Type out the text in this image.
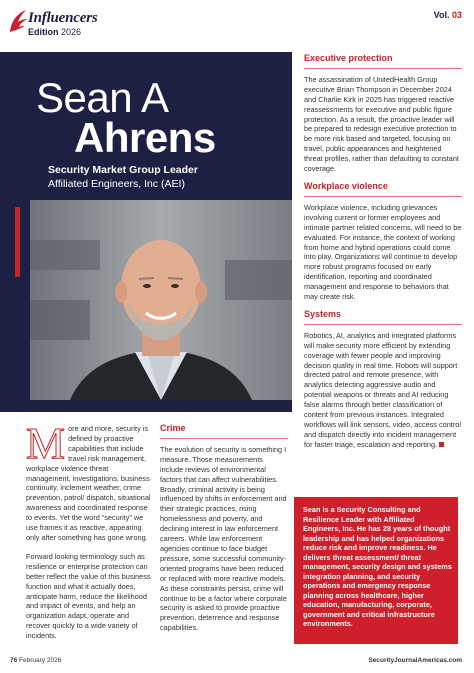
Influencers
Edition 2026
Vol. 03
Sean A
Ahrens
Security Market Group Leader
Affiliated Engineers, Inc (AEI)

More and more, security is defined by proactive capabilities that include travel risk management, workplace violence threat management, investigations, business continuity, inclement weather, crime prevention, patrol/ dispatch, situational awareness and coordinated response to events. Yet the word “security” we use frames it as reactive, appearing only after something has gone wrong.

Forward looking terminology such as resilience or enterprise protection can better reflect the value of this business function and what it actually does, anticipate harm, reduce the likelihood and impact of events, and help an organization adapt, operate and recover quickly to a wide variety of incidents.

Crime

The evolution of security is something I measure. Those measurements include reviews of environmental factors that can affect vulnerabilities. Broadly, criminal activity is being influenced by shifts in enforcement and their strategic practices, rising homelessness and poverty, and declining interest in law enforcement careers. While law enforcement agencies continue to face budget pressure, some successful community-oriented programs have been reduced or replaced with more reactive models. As these constraints persist, crime will continue to be a factor where corporate security is asked to provide proactive prevention, deterrence and response capabilities.

Executive protection

The assassination of UnitedHealth Group executive Brian Thompson in December 2024 and Charlie Kirk in 2025 has triggered reactive reassessments for executive and public figure protection. As a result, the proactive leader will be prepared to redesign executive protection to be more risk based and targeted, focusing on travel, public appearances and heightened threat profiles, rather than defaulting to constant coverage.

Workplace violence

Workplace violence, including grievances involving current or former employees and intimate partner related concerns, will need to be evaluated. For instance, the context of working from home and hybrid operations could come into play. Organizations will continue to develop more robust programs focused on early identification, reporting and coordinated management and response to behaviors that may create risk.

Systems

Robotics, AI, analytics and integrated platforms will make security more efficient by extending coverage with fewer people and improving decision quality in real time. Robots will support directed patrol and remote presence, with analytics detecting aggressive audio and potential weapons or threats and AI reducing false alarms through better classification of content from previous instances. Integrated workflows will link sensors, video, access control and dispatch directly into incident management for faster triage, escalation and reporting.

Sean is a Security Consulting and Resilience Leader with Affiliated Engineers, Inc. He has 28 years of thought leadership and has helped organizations reduce risk and improve readiness. He delivers threat assessment/ threat management, security design and systems integration planning, and security operations and emergency response planning across healthcare, higher education, manufacturing, corporate, government and critical infrastructure environments.
76 February 2026	SecurityJournalAmericas.com
